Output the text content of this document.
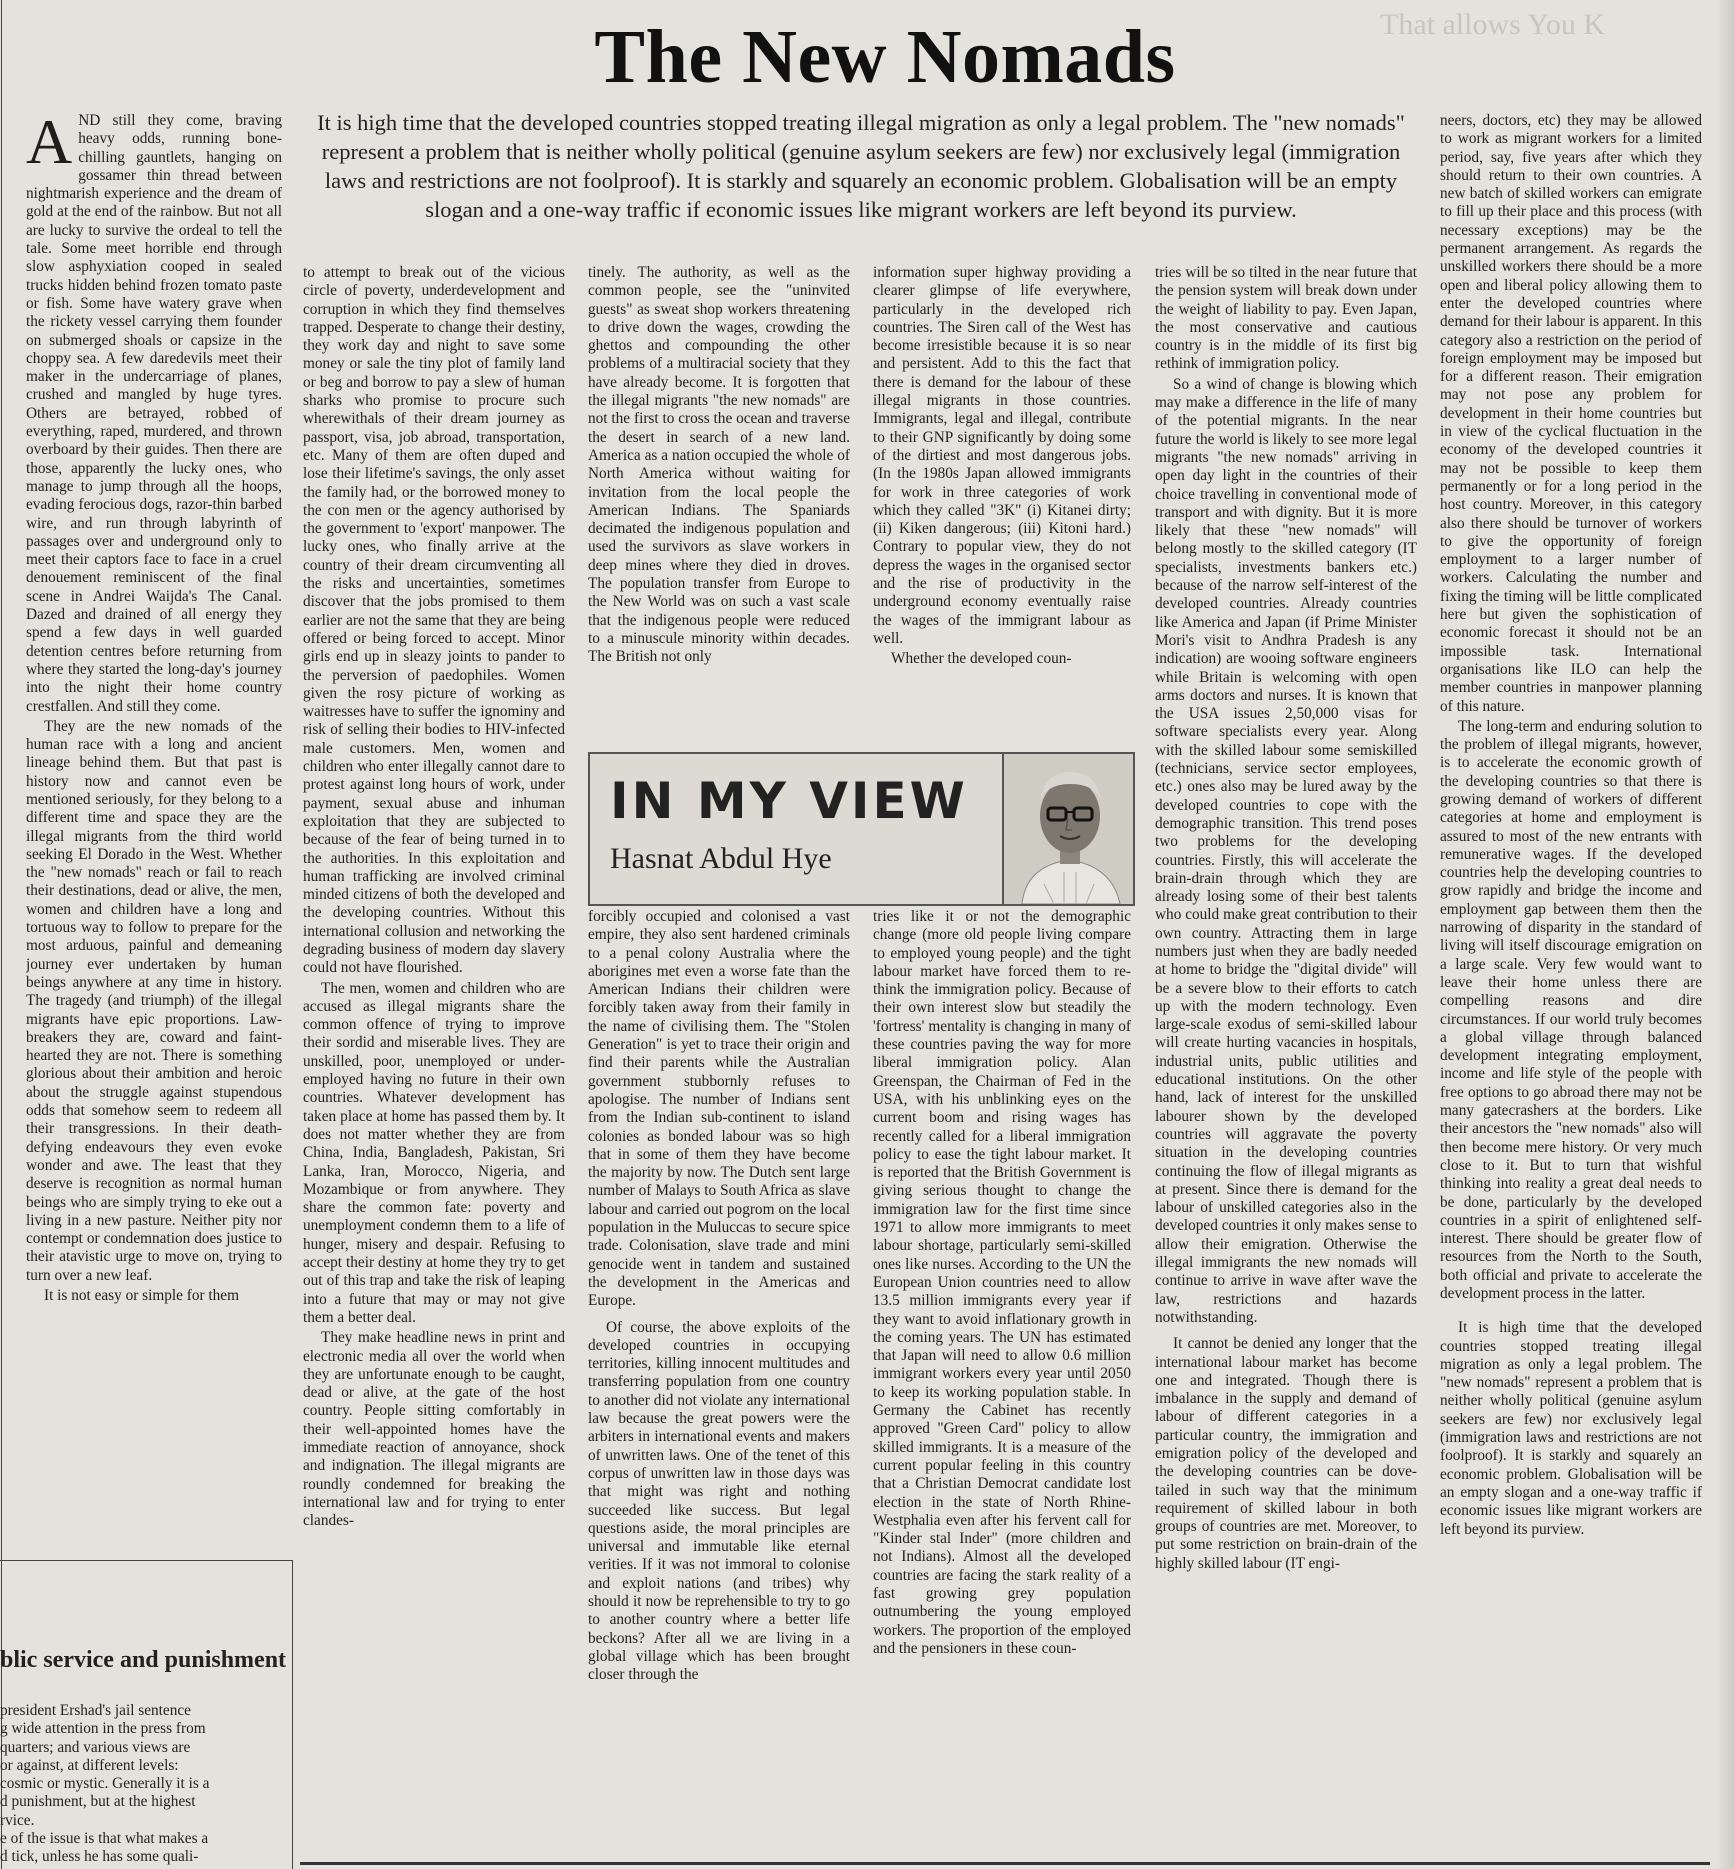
That allows You K
The New Nomads
It is high time that the developed countries stopped treating illegal migration as only a legal problem. The "new nomads" represent a problem that is neither wholly political (genuine asylum seekers are few) nor exclusively legal (immigration laws and restrictions are not foolproof). It is starkly and squarely an economic problem. Globalisation will be an empty slogan and a one-way traffic if economic issues like migrant workers are left beyond its purview.

AND still they come, braving heavy odds, running bone-chilling gauntlets, hanging on gossamer thin thread between nightmarish experience and the dream of gold at the end of the rainbow. But not all are lucky to survive the ordeal to tell the tale. Some meet horrible end through slow asphyxiation cooped in sealed trucks hidden behind frozen tomato paste or fish. Some have watery grave when the rickety vessel carrying them founder on submerged shoals or capsize in the choppy sea. A few daredevils meet their maker in the undercarriage of planes, crushed and mangled by huge tyres. Others are betrayed, robbed of everything, raped, murdered, and thrown overboard by their guides. Then there are those, apparently the lucky ones, who manage to jump through all the hoops, evading ferocious dogs, razor-thin barbed wire, and run through labyrinth of passages over and underground only to meet their captors face to face in a cruel denouement reminiscent of the final scene in Andrei Waijda's The Canal. Dazed and drained of all energy they spend a few days in well guarded detention centres before returning from where they started the long-day's journey into the night their home country crestfallen. And still they come.

They are the new nomads of the human race with a long and ancient lineage behind them. But that past is history now and cannot even be mentioned seriously, for they belong to a different time and space they are the illegal migrants from the third world seeking El Dorado in the West. Whether the "new nomads" reach or fail to reach their destinations, dead or alive, the men, women and children have a long and tortuous way to follow to prepare for the most arduous, painful and demeaning journey ever undertaken by human beings anywhere at any time in history. The tragedy (and triumph) of the illegal migrants have epic proportions. Law-breakers they are, coward and faint-hearted they are not. There is something glorious about their ambition and heroic about the struggle against stupendous odds that somehow seem to redeem all their transgressions. In their death-defying endeavours they even evoke wonder and awe. The least that they deserve is recognition as normal human beings who are simply trying to eke out a living in a new pasture. Neither pity nor contempt or condemnation does justice to their atavistic urge to move on, trying to turn over a new leaf.

It is not easy or simple for them

to attempt to break out of the vicious circle of poverty, underdevelopment and corruption in which they find themselves trapped. Desperate to change their destiny, they work day and night to save some money or sale the tiny plot of family land or beg and borrow to pay a slew of human sharks who promise to procure such wherewithals of their dream journey as passport, visa, job abroad, transportation, etc. Many of them are often duped and lose their lifetime's savings, the only asset the family had, or the borrowed money to the con men or the agency authorised by the government to 'export' manpower. The lucky ones, who finally arrive at the country of their dream circumventing all the risks and uncertainties, sometimes discover that the jobs promised to them earlier are not the same that they are being offered or being forced to accept. Minor girls end up in sleazy joints to pander to the perversion of paedophiles. Women given the rosy picture of working as waitresses have to suffer the ignominy and risk of selling their bodies to HIV-infected male customers. Men, women and children who enter illegally cannot dare to protest against long hours of work, under payment, sexual abuse and inhuman exploitation that they are subjected to because of the fear of being turned in to the authorities. In this exploitation and human trafficking are involved criminal minded citizens of both the developed and the developing countries. Without this international collusion and networking the degrading business of modern day slavery could not have flourished.

The men, women and children who are accused as illegal migrants share the common offence of trying to improve their sordid and miserable lives. They are unskilled, poor, unemployed or under-employed having no future in their own countries. Whatever development has taken place at home has passed them by. It does not matter whether they are from China, India, Bangladesh, Pakistan, Sri Lanka, Iran, Morocco, Nigeria, and Mozambique or from anywhere. They share the common fate: poverty and unemployment condemn them to a life of hunger, misery and despair. Refusing to accept their destiny at home they try to get out of this trap and take the risk of leaping into a future that may or may not give them a better deal.

They make headline news in print and electronic media all over the world when they are unfortunate enough to be caught, dead or alive, at the gate of the host country. People sitting comfortably in their well-appointed homes have the immediate reaction of annoyance, shock and indignation. The illegal migrants are roundly condemned for breaking the international law and for trying to enter clandes-

tinely. The authority, as well as the common people, see the "uninvited guests" as sweat shop workers threatening to drive down the wages, crowding the ghettos and compounding the other problems of a multiracial society that they have already become. It is forgotten that the illegal migrants "the new nomads" are not the first to cross the ocean and traverse the desert in search of a new land. America as a nation occupied the whole of North America without waiting for invitation from the local people the American Indians. The Spaniards decimated the indigenous population and used the survivors as slave workers in deep mines where they died in droves. The population transfer from Europe to the New World was on such a vast scale that the indigenous people were reduced to a minuscule minority within decades. The British not only

information super highway providing a clearer glimpse of life everywhere, particularly in the developed rich countries. The Siren call of the West has become irresistible because it is so near and persistent. Add to this the fact that there is demand for the labour of these illegal migrants in those countries. Immigrants, legal and illegal, contribute to their GNP significantly by doing some of the dirtiest and most dangerous jobs. (In the 1980s Japan allowed immigrants for work in three categories of work which they called "3K" (i) Kitanei dirty; (ii) Kiken dangerous; (iii) Kitoni hard.) Contrary to popular view, they do not depress the wages in the organised sector and the rise of productivity in the underground economy eventually raise the wages of the immigrant labour as well.

Whether the developed coun-

IN MY VIEW
Hasnat Abdul Hye

forcibly occupied and colonised a vast empire, they also sent hardened criminals to a penal colony Australia where the aborigines met even a worse fate than the American Indians their children were forcibly taken away from their family in the name of civilising them. The "Stolen Generation" is yet to trace their origin and find their parents while the Australian government stubbornly refuses to apologise. The number of Indians sent from the Indian sub-continent to island colonies as bonded labour was so high that in some of them they have become the majority by now. The Dutch sent large number of Malays to South Africa as slave labour and carried out pogrom on the local population in the Muluccas to secure spice trade. Colonisation, slave trade and mini genocide went in tandem and sustained the development in the Americas and Europe.

Of course, the above exploits of the developed countries in occupying territories, killing innocent multitudes and transferring population from one country to another did not violate any international law because the great powers were the arbiters in international events and makers of unwritten laws. One of the tenet of this corpus of unwritten law in those days was that might was right and nothing succeeded like success. But legal questions aside, the moral principles are universal and immutable like eternal verities. If it was not immoral to colonise and exploit nations (and tribes) why should it now be reprehensible to try to go to another country where a better life beckons? After all we are living in a global village which has been brought closer through the

tries like it or not the demographic change (more old people living compare to employed young people) and the tight labour market have forced them to re-think the immigration policy. Because of their own interest slow but steadily the 'fortress' mentality is changing in many of these countries paving the way for more liberal immigration policy. Alan Greenspan, the Chairman of Fed in the USA, with his unblinking eyes on the current boom and rising wages has recently called for a liberal immigration policy to ease the tight labour market. It is reported that the British Government is giving serious thought to change the immigration law for the first time since 1971 to allow more immigrants to meet labour shortage, particularly semi-skilled ones like nurses. According to the UN the European Union countries need to allow 13.5 million immigrants every year if they want to avoid inflationary growth in the coming years. The UN has estimated that Japan will need to allow 0.6 million immigrant workers every year until 2050 to keep its working population stable. In Germany the Cabinet has recently approved "Green Card" policy to allow skilled immigrants. It is a measure of the current popular feeling in this country that a Christian Democrat candidate lost election in the state of North Rhine-Westphalia even after his fervent call for "Kinder stal Inder" (more children and not Indians). Almost all the developed countries are facing the stark reality of a fast growing grey population outnumbering the young employed workers. The proportion of the employed and the pensioners in these coun-

tries will be so tilted in the near future that the pension system will break down under the weight of liability to pay. Even Japan, the most conservative and cautious country is in the middle of its first big rethink of immigration policy.

So a wind of change is blowing which may make a difference in the life of many of the potential migrants. In the near future the world is likely to see more legal migrants "the new nomads" arriving in open day light in the countries of their choice travelling in conventional mode of transport and with dignity. But it is more likely that these "new nomads" will belong mostly to the skilled category (IT specialists, investments bankers etc.) because of the narrow self-interest of the developed countries. Already countries like America and Japan (if Prime Minister Mori's visit to Andhra Pradesh is any indication) are wooing software engineers while Britain is welcoming with open arms doctors and nurses. It is known that the USA issues 2,50,000 visas for software specialists every year. Along with the skilled labour some semiskilled (technicians, service sector employees, etc.) ones also may be lured away by the developed countries to cope with the demographic transition. This trend poses two problems for the developing countries. Firstly, this will accelerate the brain-drain through which they are already losing some of their best talents who could make great contribution to their own country. Attracting them in large numbers just when they are badly needed at home to bridge the "digital divide" will be a severe blow to their efforts to catch up with the modern technology. Even large-scale exodus of semi-skilled labour will create hurting vacancies in hospitals, industrial units, public utilities and educational institutions. On the other hand, lack of interest for the unskilled labourer shown by the developed countries will aggravate the poverty situation in the developing countries continuing the flow of illegal migrants as at present. Since there is demand for the labour of unskilled categories also in the developed countries it only makes sense to allow their emigration. Otherwise the illegal immigrants the new nomads will continue to arrive in wave after wave the law, restrictions and hazards notwithstanding.

It cannot be denied any longer that the international labour market has become one and integrated. Though there is imbalance in the supply and demand of labour of different categories in a particular country, the immigration and emigration policy of the developed and the developing countries can be dove-tailed in such way that the minimum requirement of skilled labour in both groups of countries are met. Moreover, to put some restriction on brain-drain of the highly skilled labour (IT engi-

neers, doctors, etc) they may be allowed to work as migrant workers for a limited period, say, five years after which they should return to their own countries. A new batch of skilled workers can emigrate to fill up their place and this process (with necessary exceptions) may be the permanent arrangement. As regards the unskilled workers there should be a more open and liberal policy allowing them to enter the developed countries where demand for their labour is apparent. In this category also a restriction on the period of foreign employment may be imposed but for a different reason. Their emigration may not pose any problem for development in their home countries but in view of the cyclical fluctuation in the economy of the developed countries it may not be possible to keep them permanently or for a long period in the host country. Moreover, in this category also there should be turnover of workers to give the opportunity of foreign employment to a larger number of workers. Calculating the number and fixing the timing will be little complicated here but given the sophistication of economic forecast it should not be an impossible task. International organisations like ILO can help the member countries in manpower planning of this nature.

The long-term and enduring solution to the problem of illegal migrants, however, is to accelerate the economic growth of the developing countries so that there is growing demand of workers of different categories at home and employment is assured to most of the new entrants with remunerative wages. If the developed countries help the developing countries to grow rapidly and bridge the income and employment gap between them then the narrowing of disparity in the standard of living will itself discourage emigration on a large scale. Very few would want to leave their home unless there are compelling reasons and dire circumstances. If our world truly becomes a global village through balanced development integrating employment, income and life style of the people with free options to go abroad there may not be many gatecrashers at the borders. Like their ancestors the "new nomads" also will then become mere history. Or very much close to it. But to turn that wishful thinking into reality a great deal needs to be done, particularly by the developed countries in a spirit of enlightened self-interest. There should be greater flow of resources from the North to the South, both official and private to accelerate the development process in the latter.

It is high time that the developed countries stopped treating illegal migration as only a legal problem. The "new nomads" represent a problem that is neither wholly political (genuine asylum seekers are few) nor exclusively legal (immigration laws and restrictions are not foolproof). It is starkly and squarely an economic problem. Globalisation will be an empty slogan and a one-way traffic if economic issues like migrant workers are left beyond its purview.

blic service and punishment
president Ershad's jail sentence
g wide attention in the press from
quarters; and various views are
or against, at different levels:
cosmic or mystic. Generally it is a
d punishment, but at the highest
rvice.
e of the issue is that what makes a
d tick, unless he has some quali-
